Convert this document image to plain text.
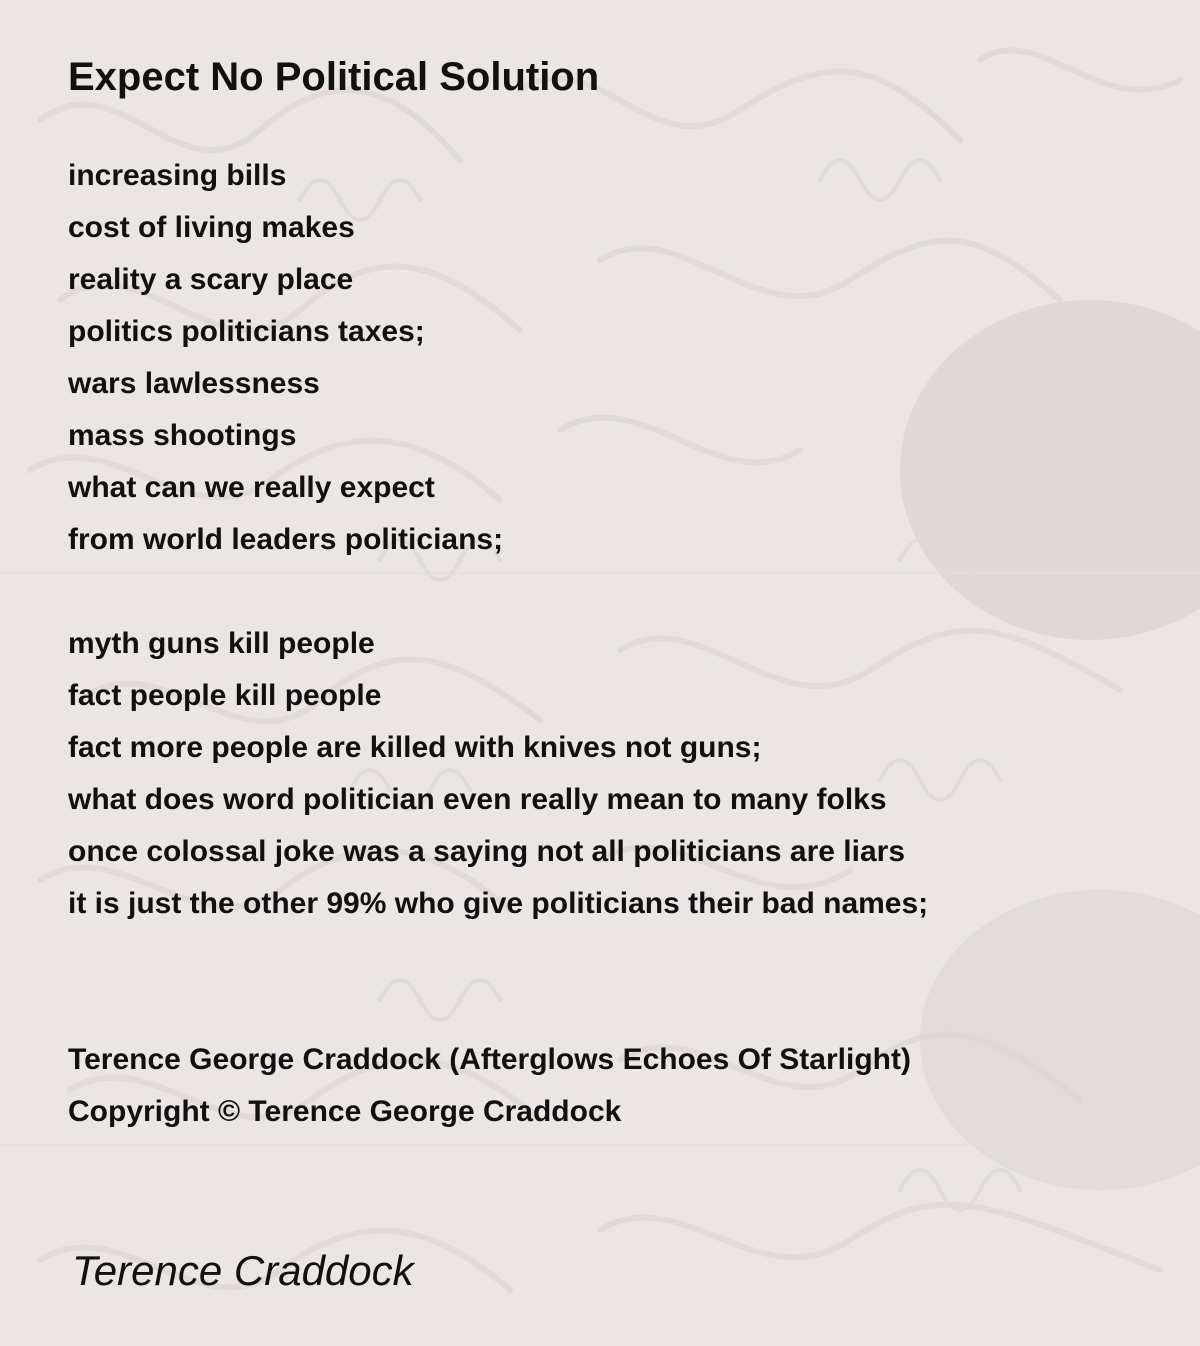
Expect No Political Solution
increasing bills
cost of living makes
reality a scary place
politics politicians taxes;
wars lawlessness
mass shootings
what can we really expect
from world leaders politicians;
myth guns kill people
fact people kill people
fact more people are killed with knives not guns;
what does word politician even really mean to many folks
once colossal joke was a saying not all politicians are liars
it is just the other 99% who give politicians their bad names;
Terence George Craddock (Afterglows Echoes Of Starlight)
Copyright © Terence George Craddock
Terence Craddock
